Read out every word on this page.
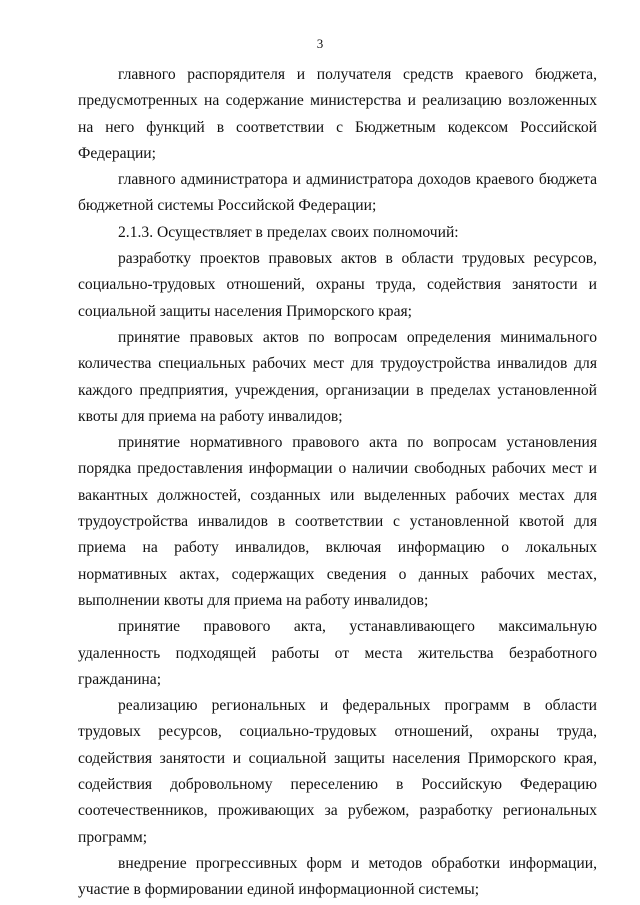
3

главного распорядителя и получателя средств краевого бюджета, предусмотренных на содержание министерства и реализацию возложенных на него функций в соответствии с Бюджетным кодексом Российской Федерации;

главного администратора и администратора доходов краевого бюджета бюджетной системы Российской Федерации;

2.1.3. Осуществляет в пределах своих полномочий:

разработку проектов правовых актов в области трудовых ресурсов, социально-трудовых отношений, охраны труда, содействия занятости и социальной защиты населения Приморского края;

принятие правовых актов по вопросам определения минимального количества специальных рабочих мест для трудоустройства инвалидов для каждого предприятия, учреждения, организации в пределах установленной квоты для приема на работу инвалидов;

принятие нормативного правового акта по вопросам установления порядка предоставления информации о наличии свободных рабочих мест и вакантных должностей, созданных или выделенных рабочих местах для трудоустройства инвалидов в соответствии с установленной квотой для приема на работу инвалидов, включая информацию о локальных нормативных актах, содержащих сведения о данных рабочих местах, выполнении квоты для приема на работу инвалидов;

принятие правового акта, устанавливающего максимальную удаленность подходящей работы от места жительства безработного гражданина;

реализацию региональных и федеральных программ в области трудовых ресурсов, социально-трудовых отношений, охраны труда, содействия занятости и социальной защиты населения Приморского края, содействия добровольному переселению в Российскую Федерацию соотечественников, проживающих за рубежом, разработку региональных программ;

внедрение прогрессивных форм и методов обработки информации, участие в формировании единой информационной системы;
